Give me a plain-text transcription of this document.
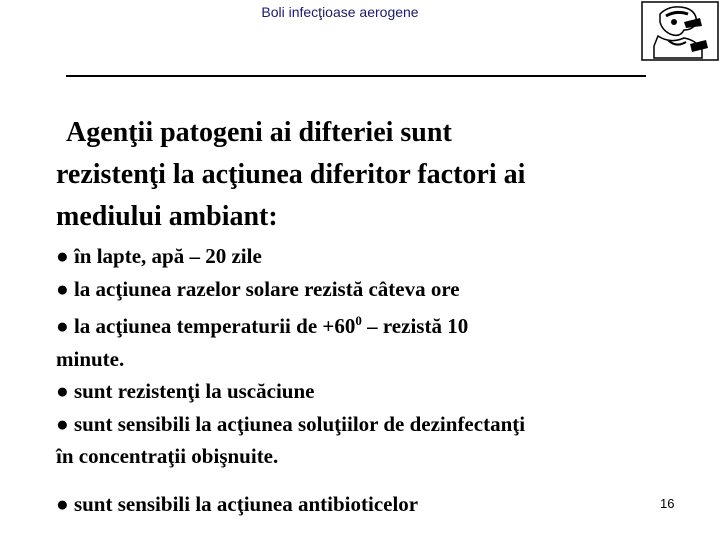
Boli infecţioase aerogene
Agenţii patogeni ai difteriei sunt
rezistenţi la acţiunea diferitor factori ai
mediului ambiant:
● în lapte, apă – 20 zile
● la acţiunea razelor solare rezistă câteva ore
● la acţiunea temperaturii de $+60^0$ – rezistă 10
minute.
● sunt rezistenţi la uscăciune
● sunt sensibili la acţiunea soluţiilor de dezinfectanţi
în concentraţii obişnuite.
● sunt sensibili la acţiunea antibioticelor	16
